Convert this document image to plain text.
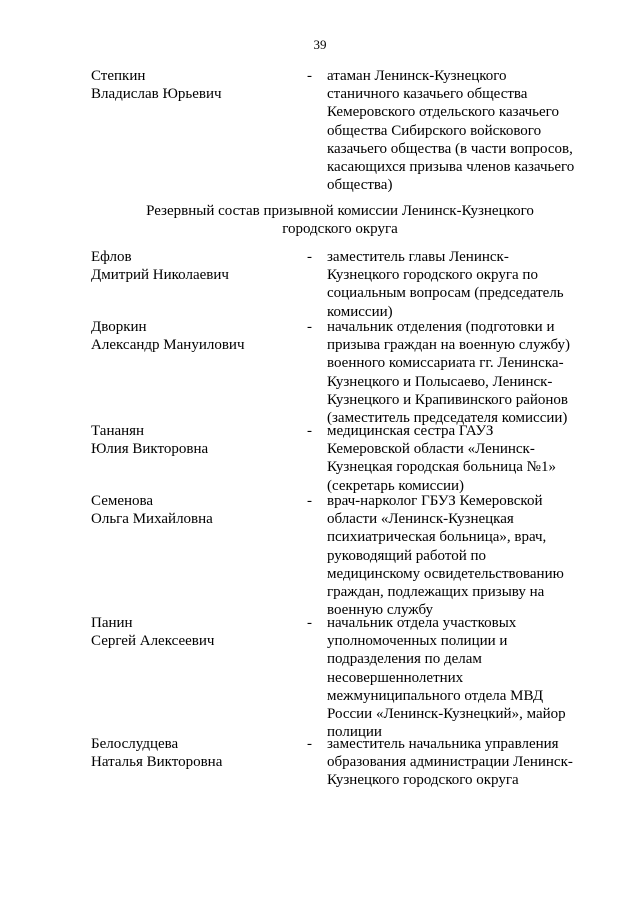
39
Степкин
Владислав Юрьевич
- атаман Ленинск-Кузнецкого станичного казачьего общества Кемеровского отдельского казачьего общества Сибирского войскового казачьего общества (в части вопросов, касающихся призыва членов казачьего общества)
Резервный состав призывной комиссии Ленинск-Кузнецкого городского округа
Ефлов
Дмитрий Николаевич
- заместитель главы Ленинск-Кузнецкого городского округа по социальным вопросам (председатель комиссии)
Дворкин
Александр Мануилович
- начальник отделения (подготовки и призыва граждан на военную службу) военного комиссариата гг. Ленинска-Кузнецкого и Полысаево, Ленинск-Кузнецкого и Крапивинского районов (заместитель председателя комиссии)
Тананян
Юлия Викторовна
- медицинская сестра ГАУЗ Кемеровской области «Ленинск-Кузнецкая городская больница №1» (секретарь комиссии)
Семенова
Ольга Михайловна
- врач-нарколог ГБУЗ Кемеровской области «Ленинск-Кузнецкая психиатрическая больница», врач, руководящий работой по медицинскому освидетельствованию граждан, подлежащих призыву на военную службу
Панин
Сергей Алексеевич
- начальник отдела участковых уполномоченных полиции и подразделения по делам несовершеннолетних межмуниципального отдела МВД России «Ленинск-Кузнецкий», майор полиции
Белослудцева
Наталья Викторовна
- заместитель начальника управления образования администрации Ленинск-Кузнецкого городского округа
